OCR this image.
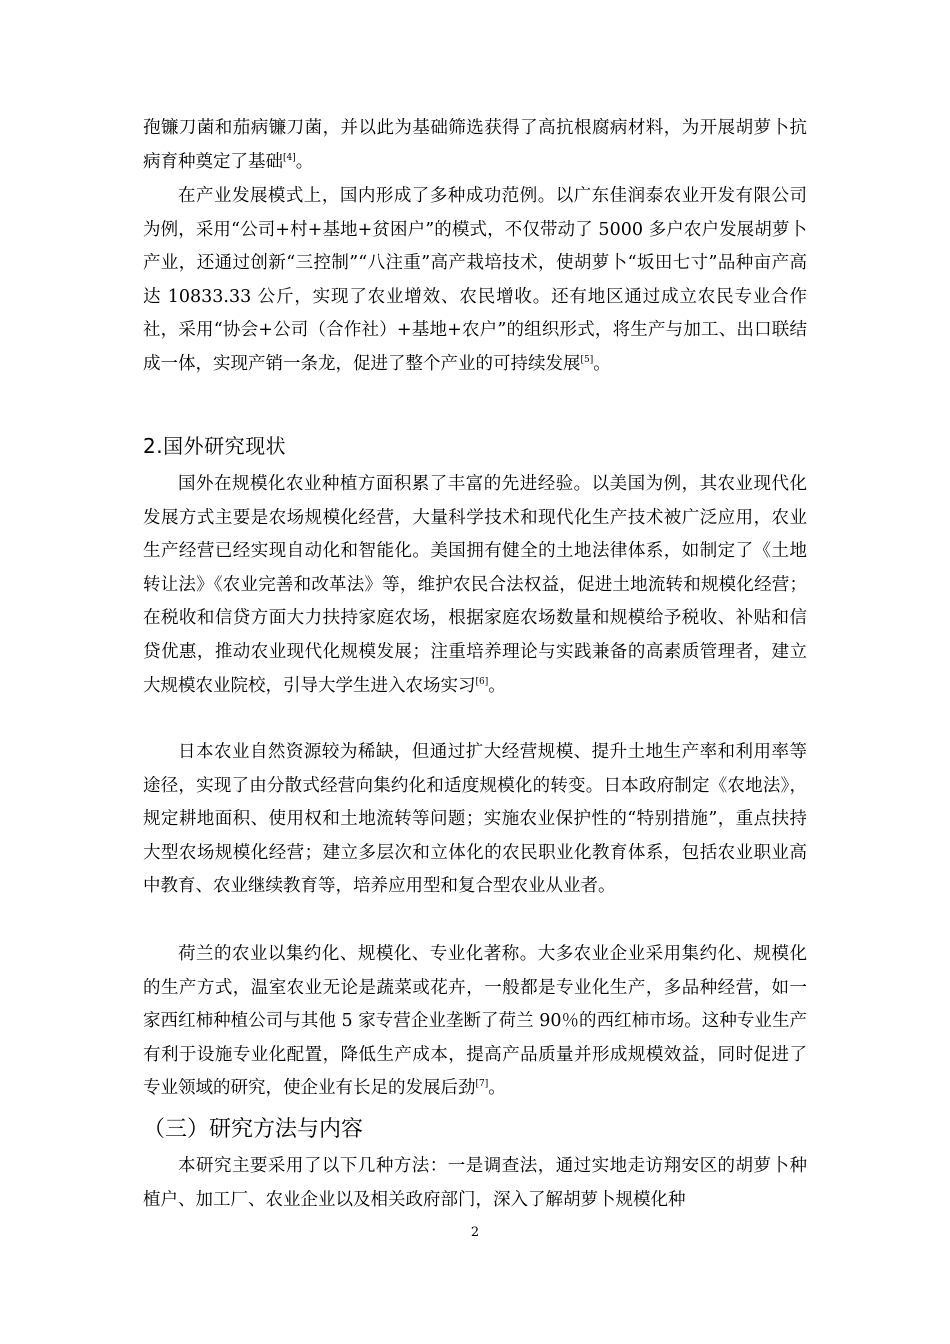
孢镰刀菌和茄病镰刀菌，并以此为基础筛选获得了高抗根腐病材料，为开展胡萝卜抗病育种奠定了基础[4]。

在产业发展模式上，国内形成了多种成功范例。以广东佳润泰农业开发有限公司为例，采用“公司+村+基地+贫困户”的模式，不仅带动了 5000 多户农户发展胡萝卜产业，还通过创新“三控制”“八注重”高产栽培技术，使胡萝卜“坂田七寸”品种亩产高达 10833.33 公斤，实现了农业增效、农民增收。还有地区通过成立农民专业合作社，采用“协会+公司（合作社）+基地+农户”的组织形式，将生产与加工、出口联结成一体，实现产销一条龙，促进了整个产业的可持续发展[5]。

2.国外研究现状

国外在规模化农业种植方面积累了丰富的先进经验。以美国为例，其农业现代化发展方式主要是农场规模化经营，大量科学技术和现代化生产技术被广泛应用，农业生产经营已经实现自动化和智能化。美国拥有健全的土地法律体系，如制定了《土地转让法》《农业完善和改革法》等，维护农民合法权益，促进土地流转和规模化经营；在税收和信贷方面大力扶持家庭农场，根据家庭农场数量和规模给予税收、补贴和信贷优惠，推动农业现代化规模发展；注重培养理论与实践兼备的高素质管理者，建立大规模农业院校，引导大学生进入农场实习[6]。

日本农业自然资源较为稀缺，但通过扩大经营规模、提升土地生产率和利用率等途径，实现了由分散式经营向集约化和适度规模化的转变。日本政府制定《农地法》，规定耕地面积、使用权和土地流转等问题；实施农业保护性的“特别措施”，重点扶持大型农场规模化经营；建立多层次和立体化的农民职业化教育体系，包括农业职业高中教育、农业继续教育等，培养应用型和复合型农业从业者。

荷兰的农业以集约化、规模化、专业化著称。大多农业企业采用集约化、规模化的生产方式，温室农业无论是蔬菜或花卉，一般都是专业化生产，多品种经营，如一家西红柿种植公司与其他 5 家专营企业垄断了荷兰 90％的西红柿市场。这种专业生产有利于设施专业化配置，降低生产成本，提高产品质量并形成规模效益，同时促进了专业领域的研究，使企业有长足的发展后劲[7]。

（三）研究方法与内容

本研究主要采用了以下几种方法：一是调查法，通过实地走访翔安区的胡萝卜种植户、加工厂、农业企业以及相关政府部门，深入了解胡萝卜规模化种

2
